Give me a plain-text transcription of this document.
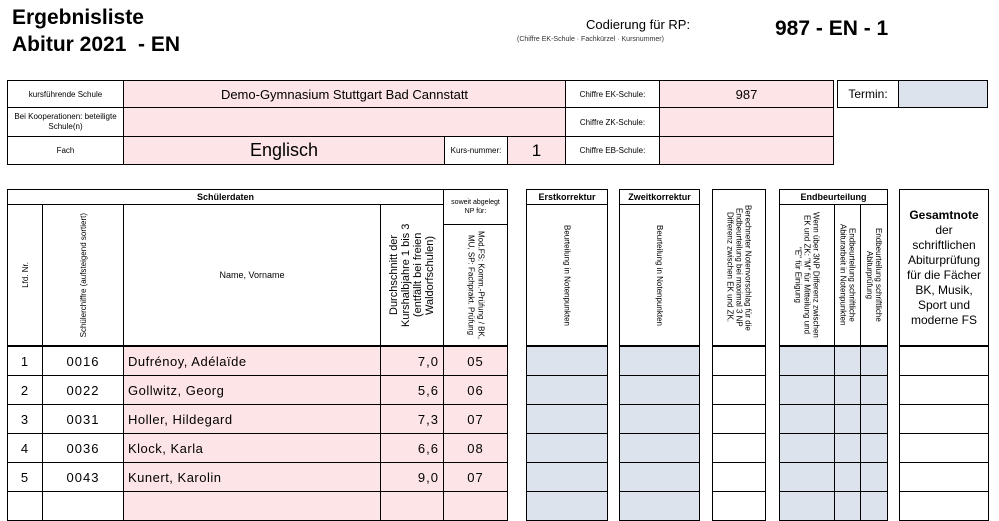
Ergebnisliste
Abitur 2021  - EN
Codierung für RP:
(Chiffre EK-Schule · Fachkürzel · Kursnummer)	987 - EN - 1
kursführende Schule	Demo-Gymnasium Stuttgart Bad Cannstatt	Chiffre EK-Schule:	987	Termin:
Bei Kooperationen: beteiligte Schule(n)	Chiffre ZK-Schule:
Fach	Englisch	Kurs-nummer:	1	Chiffre EB-Schule:
Schülerdaten
soweit abgelegt NP für:
Lfd. Nr.	Schülerchiffre (aufsteigend sortiert)	Name, Vorname	Durchschnitt der Kurshalbjahre 1 bis 3 (entfällt bei freien Waldorfschulen)	Mod.FS: Komm.-Prüfung / BK, MU, SP: Fachprakt. Prüfung
Erstkorrektur
Beurteilung in Notenpunkten
Zweitkorrektur
Beurteilung in Notenpunkten	Berechneter Notenvorschlag für die Endbeurteilung bei maximal 3 NP Differenz zwischen EK und ZK.
Endbeurteilung
Wenn über 3NP Differenz zwischen EK und ZK: "M" für Mitteilung und "E" für Einigung	Endbeurteilung schriftliche Abiturarbeit in Notenpunkten	Endbeurteilung schriftliche Abiturprüfung
Gesamtnote
der schriftlichen Abiturprüfung für die Fächer BK, Musik, Sport und moderne FS
1	0016	Dufrénoy, Adélaïde	7,0	05
2	0022	Gollwitz, Georg	5,6	06
3	0031	Holler, Hildegard	7,3	07
4	0036	Klock, Karla	6,6	08
5	0043	Kunert, Karolin	9,0	07
